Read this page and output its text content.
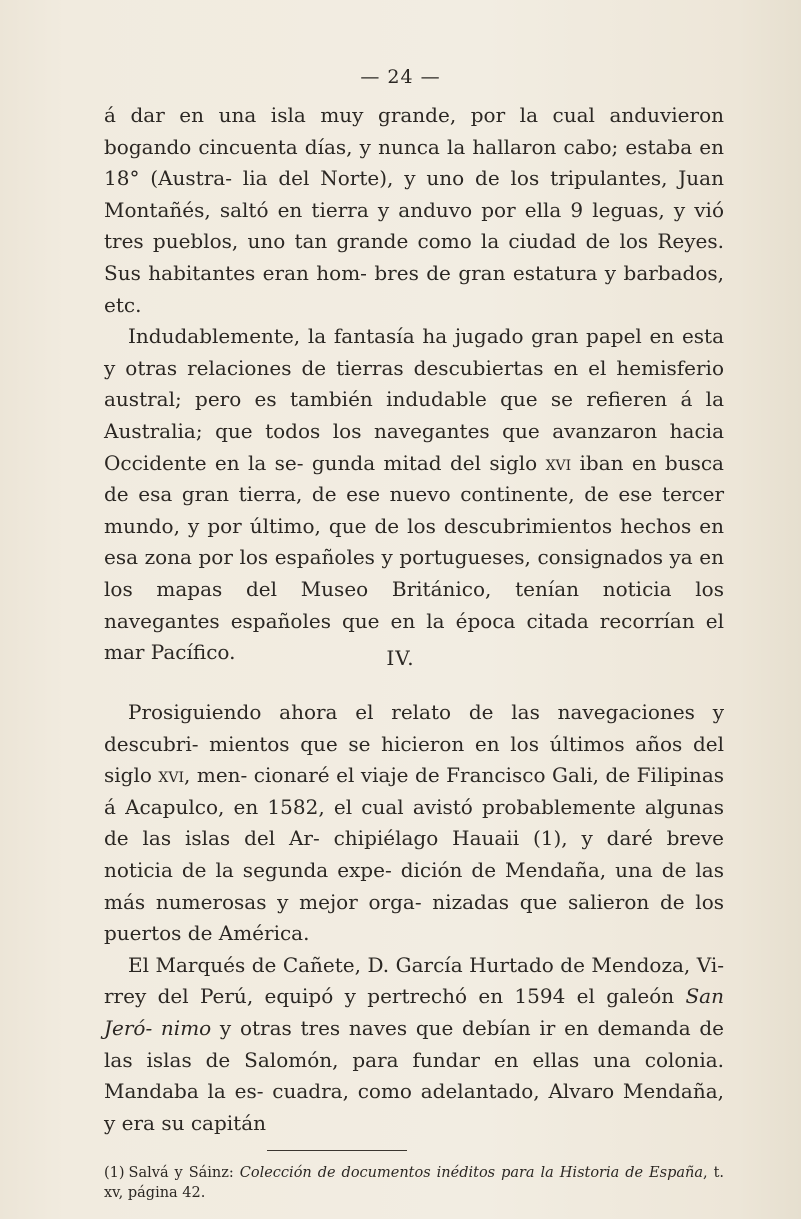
— 24 —

á dar en una isla muy grande, por la cual anduvieron bogando cincuenta días, y nunca la hallaron cabo; estaba en 18° (Austra- lia del Norte), y uno de los tripulantes, Juan Montañés, saltó en tierra y anduvo por ella 9 leguas, y vió tres pueblos, uno tan grande como la ciudad de los Reyes. Sus habitantes eran hom- bres de gran estatura y barbados, etc.

Indudablemente, la fantasía ha jugado gran papel en esta y otras relaciones de tierras descubiertas en el hemisferio austral; pero es también indudable que se refieren á la Australia; que todos los navegantes que avanzaron hacia Occidente en la se- gunda mitad del siglo xvi iban en busca de esa gran tierra, de ese nuevo continente, de ese tercer mundo, y por último, que de los descubrimientos hechos en esa zona por los españoles y portugueses, consignados ya en los mapas del Museo Británico, tenían noticia los navegantes españoles que en la época citada recorrían el mar Pacífico.	IV.

Prosiguiendo ahora el relato de las navegaciones y descubri- mientos que se hicieron en los últimos años del siglo xvi, men- cionaré el viaje de Francisco Gali, de Filipinas á Acapulco, en 1582, el cual avistó probablemente algunas de las islas del Ar- chipiélago Hauaii (1), y daré breve noticia de la segunda expe- dición de Mendaña, una de las más numerosas y mejor orga- nizadas que salieron de los puertos de América.

El Marqués de Cañete, D. García Hurtado de Mendoza, Vi- rrey del Perú, equipó y pertrechó en 1594 el galeón San Jeró- nimo y otras tres naves que debían ir en demanda de las islas de Salomón, para fundar en ellas una colonia. Mandaba la es- cuadra, como adelantado, Alvaro Mendaña, y era su capitán

(1) Salvá y Sáinz: Colección de documentos inéditos para la Historia de España, t. xv, página 42.
